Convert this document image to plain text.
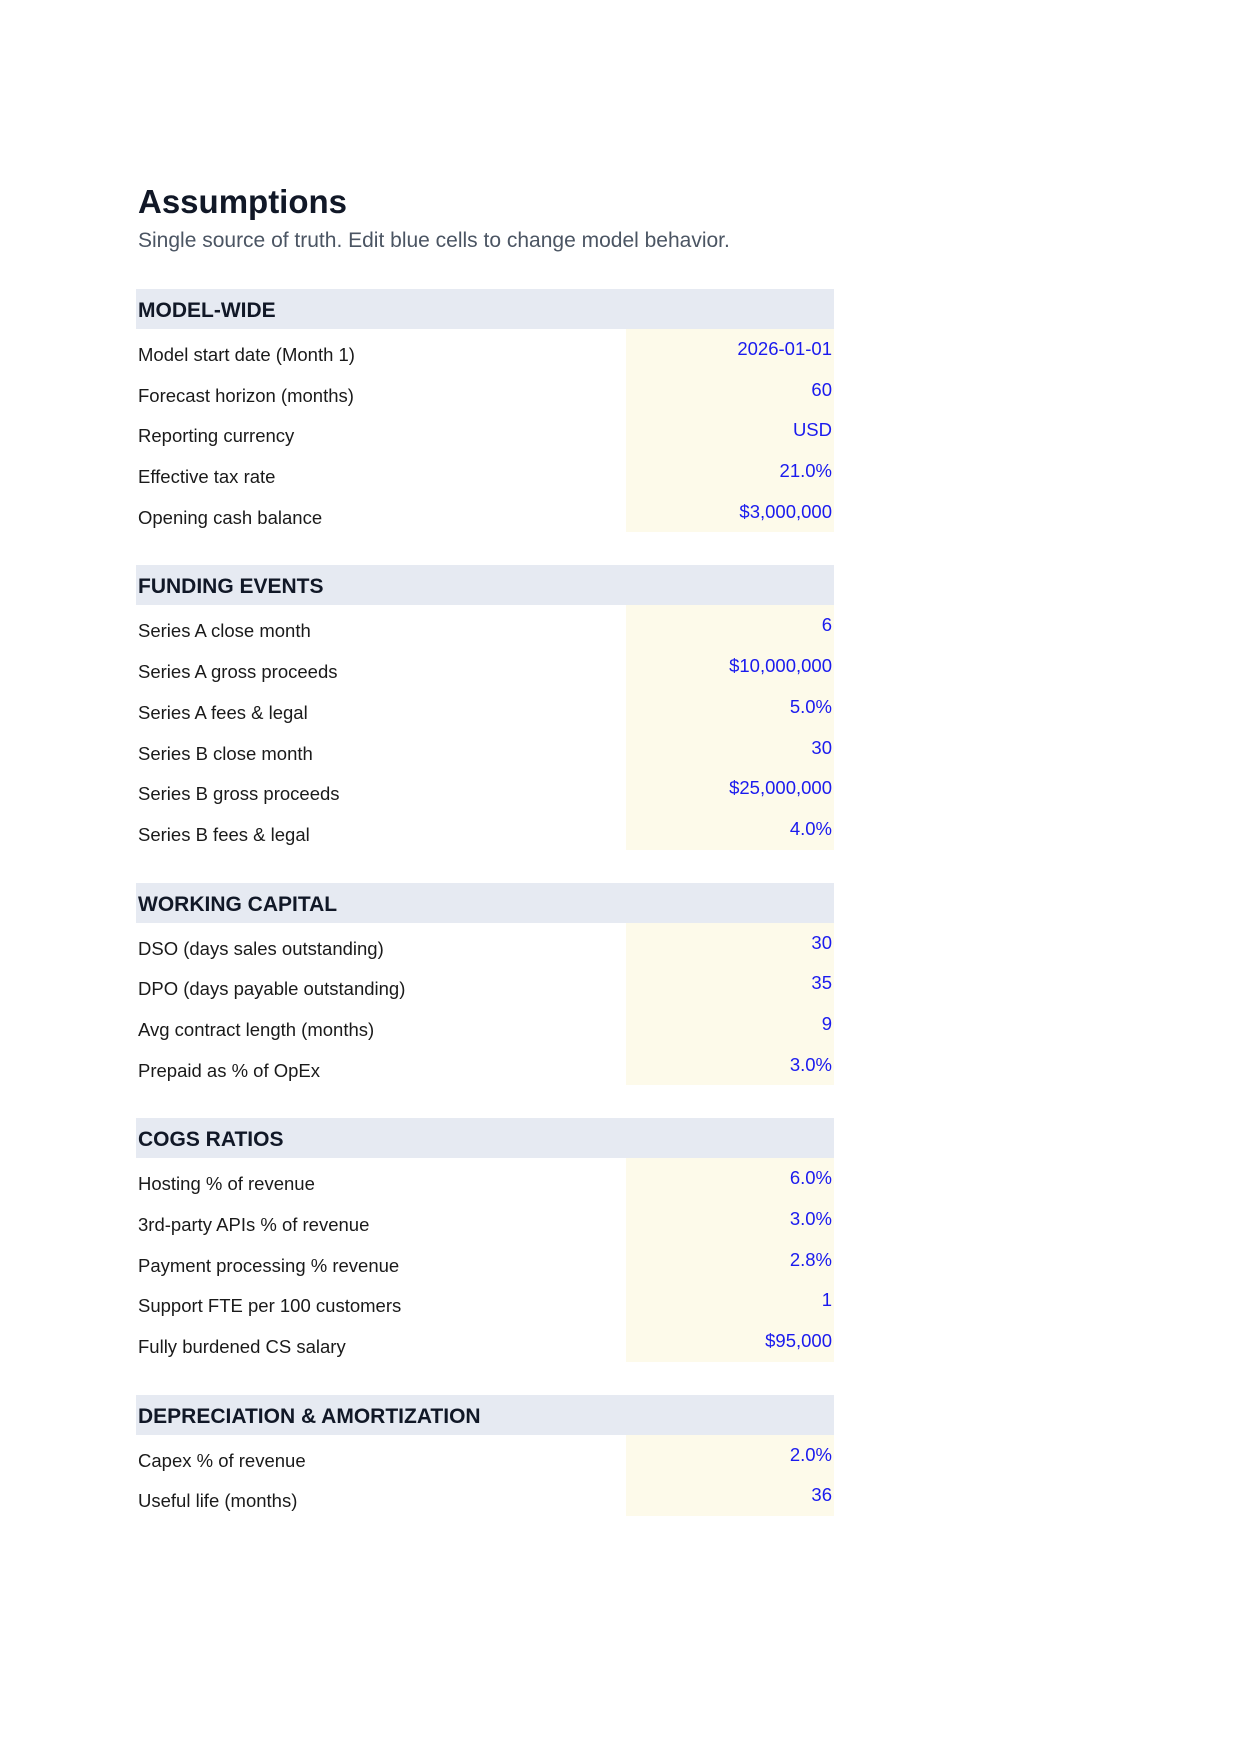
Assumptions

Single source of truth. Edit blue cells to change model behavior.

MODEL-WIDE
Model start date (Month 1)	2026-01-01
Forecast horizon (months)	60
Reporting currency	USD
Effective tax rate	21.0%
Opening cash balance	$3,000,000
FUNDING EVENTS
Series A close month	6
Series A gross proceeds	$10,000,000
Series A fees & legal	5.0%
Series B close month	30
Series B gross proceeds	$25,000,000
Series B fees & legal	4.0%
WORKING CAPITAL
DSO (days sales outstanding)	30
DPO (days payable outstanding)	35
Avg contract length (months)	9
Prepaid as % of OpEx	3.0%
COGS RATIOS
Hosting % of revenue	6.0%
3rd-party APIs % of revenue	3.0%
Payment processing % revenue	2.8%
Support FTE per 100 customers	1
Fully burdened CS salary	$95,000
DEPRECIATION & AMORTIZATION
Capex % of revenue	2.0%
Useful life (months)	36
